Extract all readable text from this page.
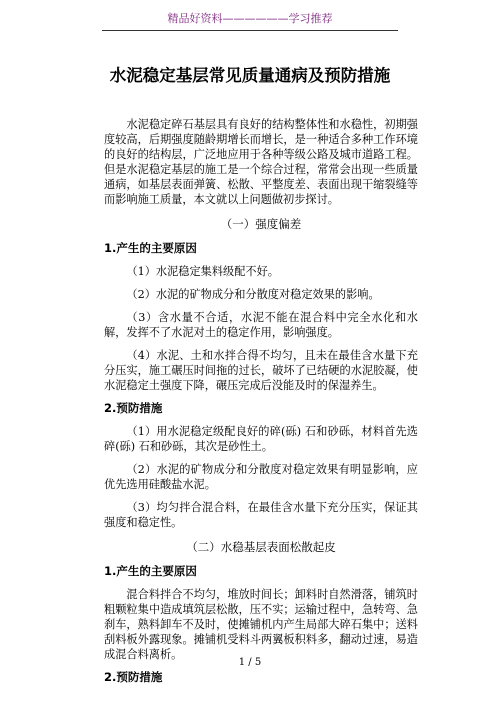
精品好资料——————学习推荐
水泥稳定基层常见质量通病及预防措施

水泥稳定碎石基层具有良好的结构整体性和水稳性，初期强度较高，后期强度随龄期增长而增长，是一种适合多种工作环境的良好的结构层，广泛地应用于各种等级公路及城市道路工程。但是水泥稳定基层的施工是一个综合过程，常常会出现一些质量通病，如基层表面弹簧、松散、平整度差、表面出现干缩裂缝等而影响施工质量，本文就以上问题做初步探讨。

（一）强度偏差
1.产生的主要原因

（1）水泥稳定集料级配不好。

（2）水泥的矿物成分和分散度对稳定效果的影响。

（3）含水量不合适，水泥不能在混合料中完全水化和水解，发挥不了水泥对土的稳定作用，影响强度。

（4）水泥、土和水拌合得不均匀，且未在最佳含水量下充分压实，施工碾压时间拖的过长，破坏了已结硬的水泥胶凝，使水泥稳定土强度下降，碾压完成后没能及时的保湿养生。

2.预防措施

（1）用水泥稳定级配良好的碎(砾) 石和砂砾，材料首先选碎(砾) 石和砂砾，其次是砂性土。

（2）水泥的矿物成分和分散度对稳定效果有明显影响，应优先选用硅酸盐水泥。

（3）均匀拌合混合料，在最佳含水量下充分压实，保证其强度和稳定性。

（二）水稳基层表面松散起皮
1.产生的主要原因

混合料拌合不均匀，堆放时间长；卸料时自然滑落，铺筑时粗颗粒集中造成填筑层松散，压不实；运输过程中，急转弯、急刹车，熟料卸车不及时，使摊铺机内产生局部大碎石集中；送料刮料板外露现象。摊铺机受料斗两翼板积料多，翻动过速，易造成混合料离析。

2.预防措施
1 / 5
